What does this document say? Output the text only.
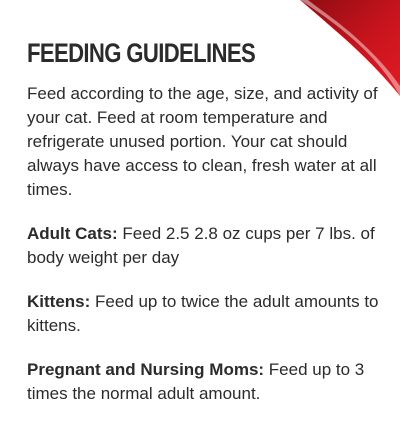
FEEDING GUIDELINES

Feed according to the age, size, and activity of your cat. Feed at room temperature and refrigerate unused portion. Your cat should always have access to clean, fresh water at all times.

Adult Cats: Feed 2.5 2.8 oz cups per 7 lbs. of body weight per day

Kittens: Feed up to twice the adult amounts to kittens.

Pregnant and Nursing Moms: Feed up to 3 times the normal adult amount.
